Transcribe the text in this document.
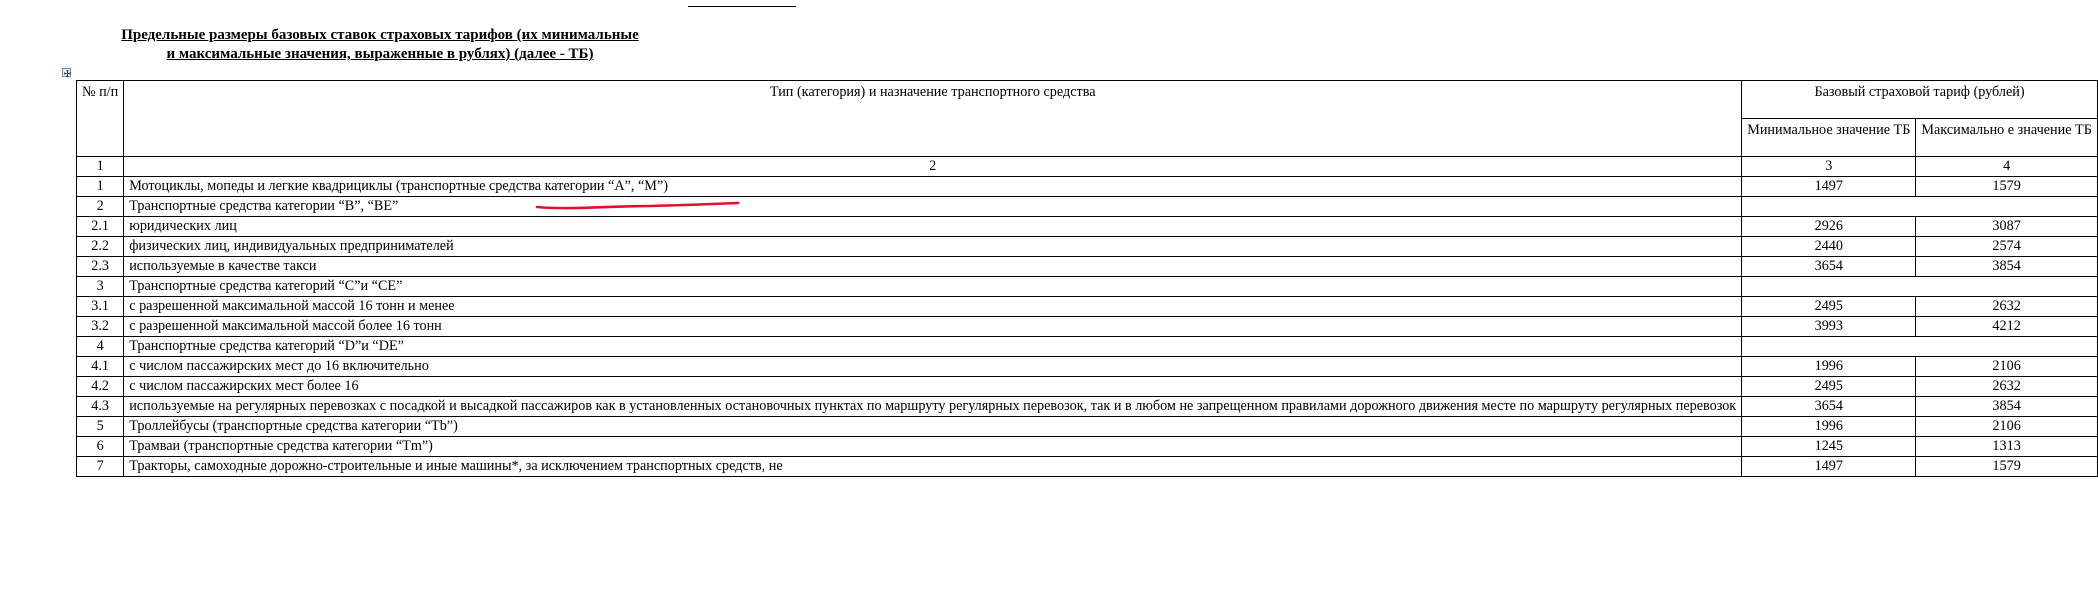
Предельные размеры базовых ставок страховых тарифов (их минимальные и максимальные значения, выраженные в рублях) (далее - ТБ)
№ п/п	Тип (категория) и назначение транспортного средства	Базовый страховой тариф (рублей)	
		Минимальное значение ТБ	Максимально е значение ТБ
1	2	3	4
1	Мотоциклы, мопеды и легкие квадрициклы (транспортные средства категории “А”, “М”)	1497	1579
2	Транспортные средства категории “В”, “ВЕ”		
2.1	юридических лиц	2926	3087
2.2	физических лиц, индивидуальных предпринимателей	2440	2574
2.3	используемые в качестве такси	3654	3854
3	Транспортные средства категорий “С”и “СЕ”		
3.1	с разрешенной максимальной массой 16 тонн и менее	2495	2632
3.2	с разрешенной максимальной массой более 16 тонн	3993	4212
4	Транспортные средства категорий “D”и “DЕ”		
4.1	с числом пассажирских мест до 16 включительно	1996	2106
4.2	с числом пассажирских мест более 16	2495	2632
4.3	используемые на регулярных перевозках с посадкой и высадкой пассажиров как в установленных остановочных пунктах по маршруту регулярных перевозок, так и в любом не запрещенном правилами дорожного движения месте по маршруту регулярных перевозок	3654	3854
5	Троллейбусы (транспортные средства категории “Tb”)	1996	2106
6	Трамваи (транспортные средства категории “Tm”)	1245	1313
7	Тракторы, самоходные дорожно-строительные и иные машины*, за исключением транспортных средств, не	1497	1579
